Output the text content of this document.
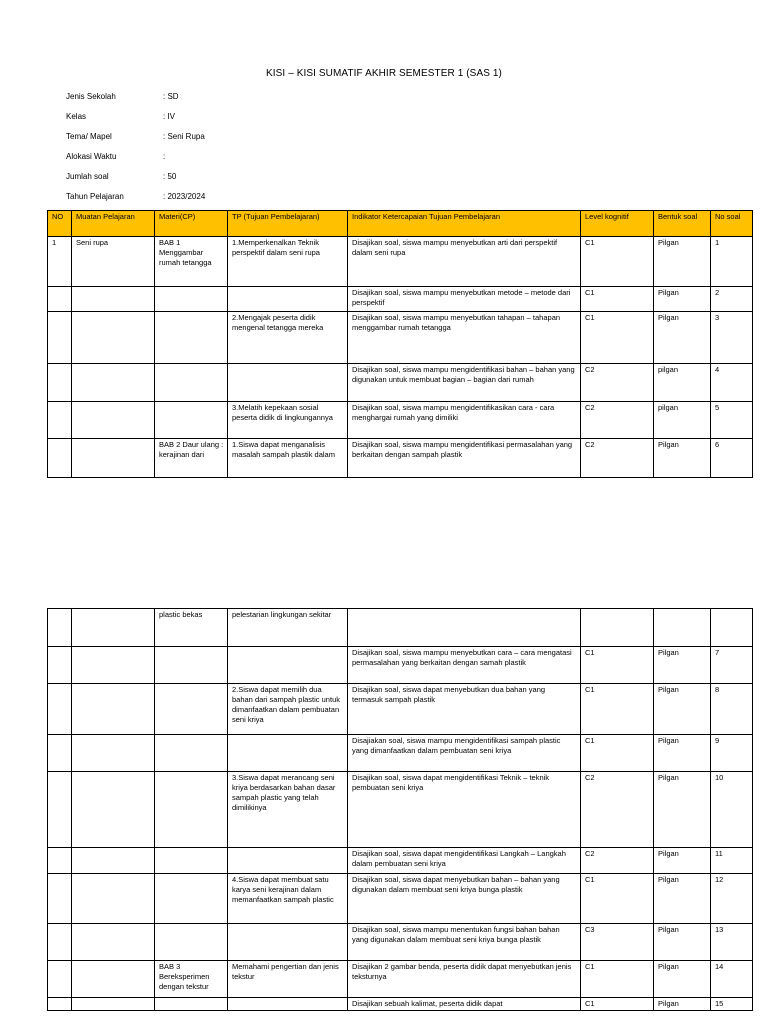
KISI – KISI SUMATIF AKHIR SEMESTER 1 (SAS 1)
Jenis Sekolah	: SD
Kelas	: IV
Tema/ Mapel	: Seni Rupa
Alokasi Waktu	:
Jumlah soal	: 50
Tahun Pelajaran	: 2023/2024
NO	Muatan Pelajaran	Materi(CP)	TP (Tujuan Pembelajaran)	Indikator Ketercapaian Tujuan Pembelajaran	Level kognitif	Bentuk soal	No soal
1	Seni rupa	BAB 1 Menggambar rumah tetangga	1.Memperkenalkan Teknik perspektif dalam seni rupa	Disajikan soal, siswa mampu menyebutkan arti dari perspektif dalam seni rupa	C1	Pilgan	1
				Disajikan soal, siswa mampu menyebutkan metode – metode dari perspektif	C1	Pilgan	2
			2.Mengajak peserta didik mengenal tetangga mereka	Disajikan soal, siswa mampu menyebutkan tahapan – tahapan menggambar rumah tetangga	C1	Pilgan	3
				Disajikan soal, siswa mampu mengidentifikasi bahan – bahan yang digunakan untuk membuat bagian – bagian dari rumah	C2	pilgan	4
			3.Melatih kepekaan sosial peserta didik di lingkungannya	Disajikan soal, siswa mampu mengidentifikasikan cara - cara menghargai rumah yang dimiliki	C2	pilgan	5
		BAB 2 Daur ulang : kerajinan dari	1.Siswa dapat menganalisis masalah sampah plastik dalam	Disajikan soal, siswa mampu mengidentifikasi permasalahan yang berkaitan dengan sampah plastik	C2	Pilgan	6
		plastic bekas	pelestarian lingkungan sekitar				
				Disajikan soal, siswa mampu menyebutkan cara – cara mengatasi permasalahan yang berkaitan dengan samah plastik	C1	Pilgan	7
			2.Siswa dapat memilih dua bahan dari sampah plastic untuk dimanfaatkan dalam pembuatan seni kriya	Disajikan soal, siswa dapat menyebutkan dua bahan yang termasuk sampah plastik	C1	Pilgan	8
				Disajiakan soal, siswa mampu mengidentifikasi sampah plastic yang dimanfaatkan dalam pembuatan seni kriya	C1	Pilgan	9
			3.Siswa dapat merancang seni kriya berdasarkan bahan dasar sampah plastic yang telah dimilikinya	Disajikan soal, siswa dapat mengidentifikasi Teknik – teknik pembuatan seni kriya	C2	Pilgan	10
				Disajikan soal, siswa dapat mengidentifikasi Langkah – Langkah dalam pembuatan seni kriya	C2	Pilgan	11
			4.Siswa dapat membuat satu karya seni kerajinan dalam memanfaatkan sampah plastic	Disajikan soal, siswa dapat menyebutkan bahan – bahan yang digunakan dalam membuat seni kriya bunga plastik	C1	Pilgan	12
				Disajikan soal, siswa mampu menentukan fungsi bahan bahan yang digunakan dalam membuat seni kriya bunga plastik	C3	Pilgan	13
		BAB 3 Bereksperimen dengan tekstur	Memahami pengertian dan jenis tekstur	Disajikan 2 gambar benda, peserta didik dapat menyebutkan jenis teksturnya	C1	Pilgan	14
				Disajikan sebuah kalimat, peserta didik dapat	C1	Pilgan	15
